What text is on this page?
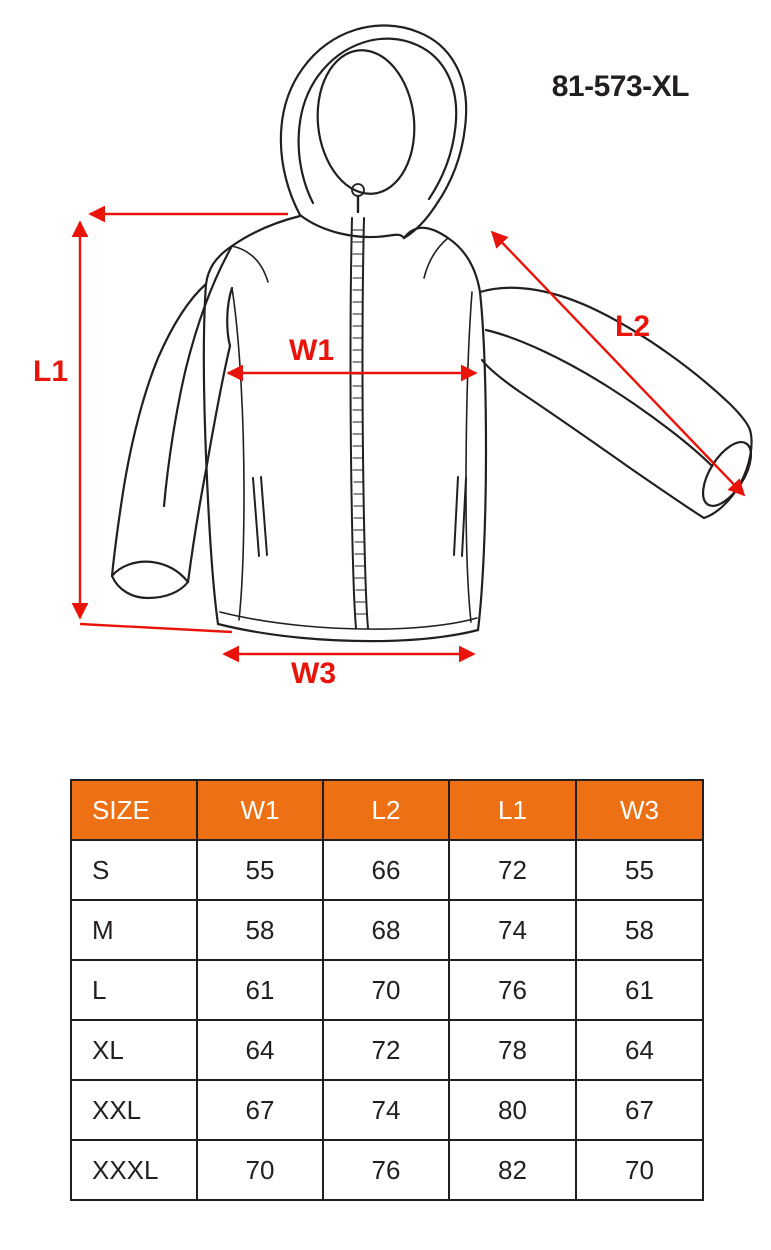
81-573-XL
L1
W1
L2
W3
SIZE	W1	L2	L1	W3
S	55	66	72	55
M	58	68	74	58
L	61	70	76	61
XL	64	72	78	64
XXL	67	74	80	67
XXXL	70	76	82	70
